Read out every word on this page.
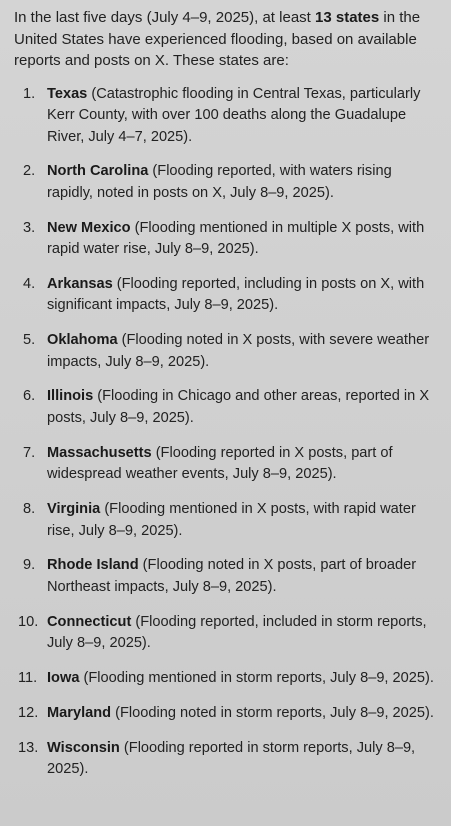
In the last five days (July 4–9, 2025), at least 13 states in the United States have experienced flooding, based on available reports and posts on X. These states are:

1. Texas (Catastrophic flooding in Central Texas, particularly Kerr County, with over 100 deaths along the Guadalupe River, July 4–7, 2025).
2. North Carolina (Flooding reported, with waters rising rapidly, noted in posts on X, July 8–9, 2025).
3. New Mexico (Flooding mentioned in multiple X posts, with rapid water rise, July 8–9, 2025).
4. Arkansas (Flooding reported, including in posts on X, with significant impacts, July 8–9, 2025).
5. Oklahoma (Flooding noted in X posts, with severe weather impacts, July 8–9, 2025).
6. Illinois (Flooding in Chicago and other areas, reported in X posts, July 8–9, 2025).
7. Massachusetts (Flooding reported in X posts, part of widespread weather events, July 8–9, 2025).
8. Virginia (Flooding mentioned in X posts, with rapid water rise, July 8–9, 2025).
9. Rhode Island (Flooding noted in X posts, part of broader Northeast impacts, July 8–9, 2025).
10. Connecticut (Flooding reported, included in storm reports, July 8–9, 2025).
11. Iowa (Flooding mentioned in storm reports, July 8–9, 2025).
12. Maryland (Flooding noted in storm reports, July 8–9, 2025).
13. Wisconsin (Flooding reported in storm reports, July 8–9, 2025).
